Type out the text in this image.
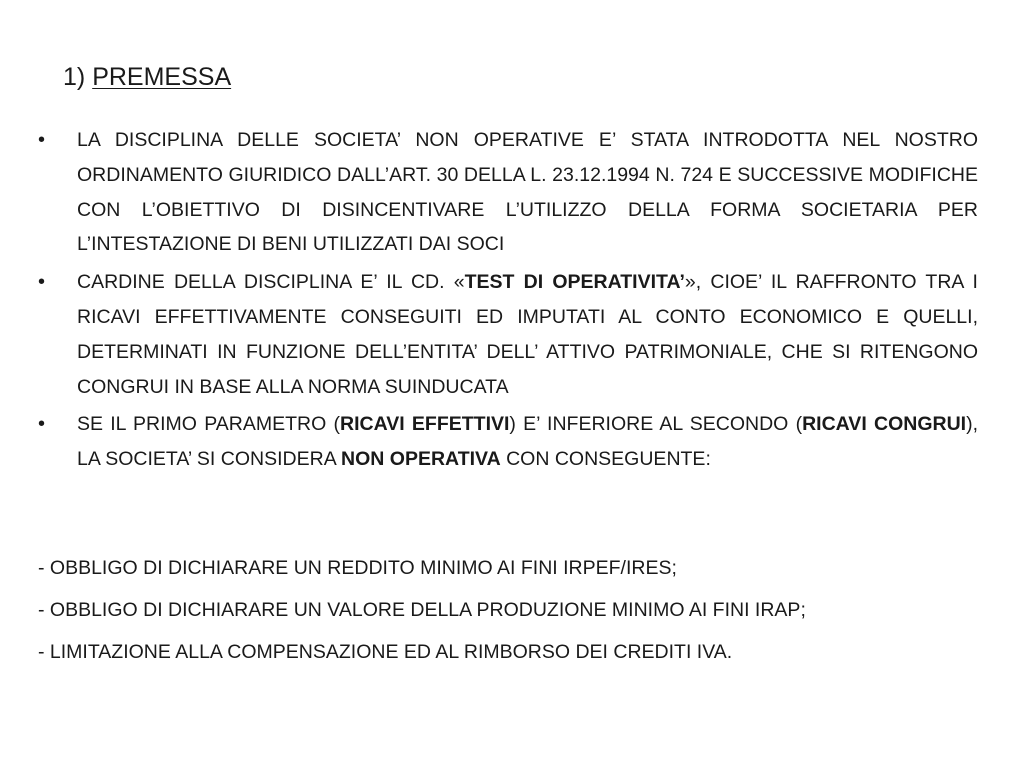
1) PREMESSA
•	LA DISCIPLINA DELLE SOCIETA’ NON OPERATIVE E’ STATA INTRODOTTA NEL NOSTRO ORDINAMENTO GIURIDICO DALL’ART. 30 DELLA L. 23.12.1994 N. 724 E SUCCESSIVE MODIFICHE CON L’OBIETTIVO DI DISINCENTIVARE L’UTILIZZO DELLA FORMA SOCIETARIA PER L’INTESTAZIONE DI BENI UTILIZZATI DAI SOCI
•	CARDINE DELLA DISCIPLINA E’ IL CD. «TEST DI OPERATIVITA’», CIOE’ IL RAFFRONTO TRA I RICAVI EFFETTIVAMENTE CONSEGUITI ED IMPUTATI AL CONTO ECONOMICO E QUELLI, DETERMINATI IN FUNZIONE DELL’ENTITA’ DELL’ ATTIVO PATRIMONIALE, CHE SI RITENGONO CONGRUI IN BASE ALLA NORMA SUINDUCATA
•	SE IL PRIMO PARAMETRO (RICAVI EFFETTIVI) E’ INFERIORE AL SECONDO (RICAVI CONGRUI), LA SOCIETA’ SI CONSIDERA NON OPERATIVA CON CONSEGUENTE:
- OBBLIGO DI DICHIARARE UN REDDITO MINIMO AI FINI IRPEF/IRES;
- OBBLIGO DI DICHIARARE UN VALORE DELLA PRODUZIONE MINIMO AI FINI IRAP;
- LIMITAZIONE ALLA COMPENSAZIONE ED AL RIMBORSO DEI CREDITI IVA.
